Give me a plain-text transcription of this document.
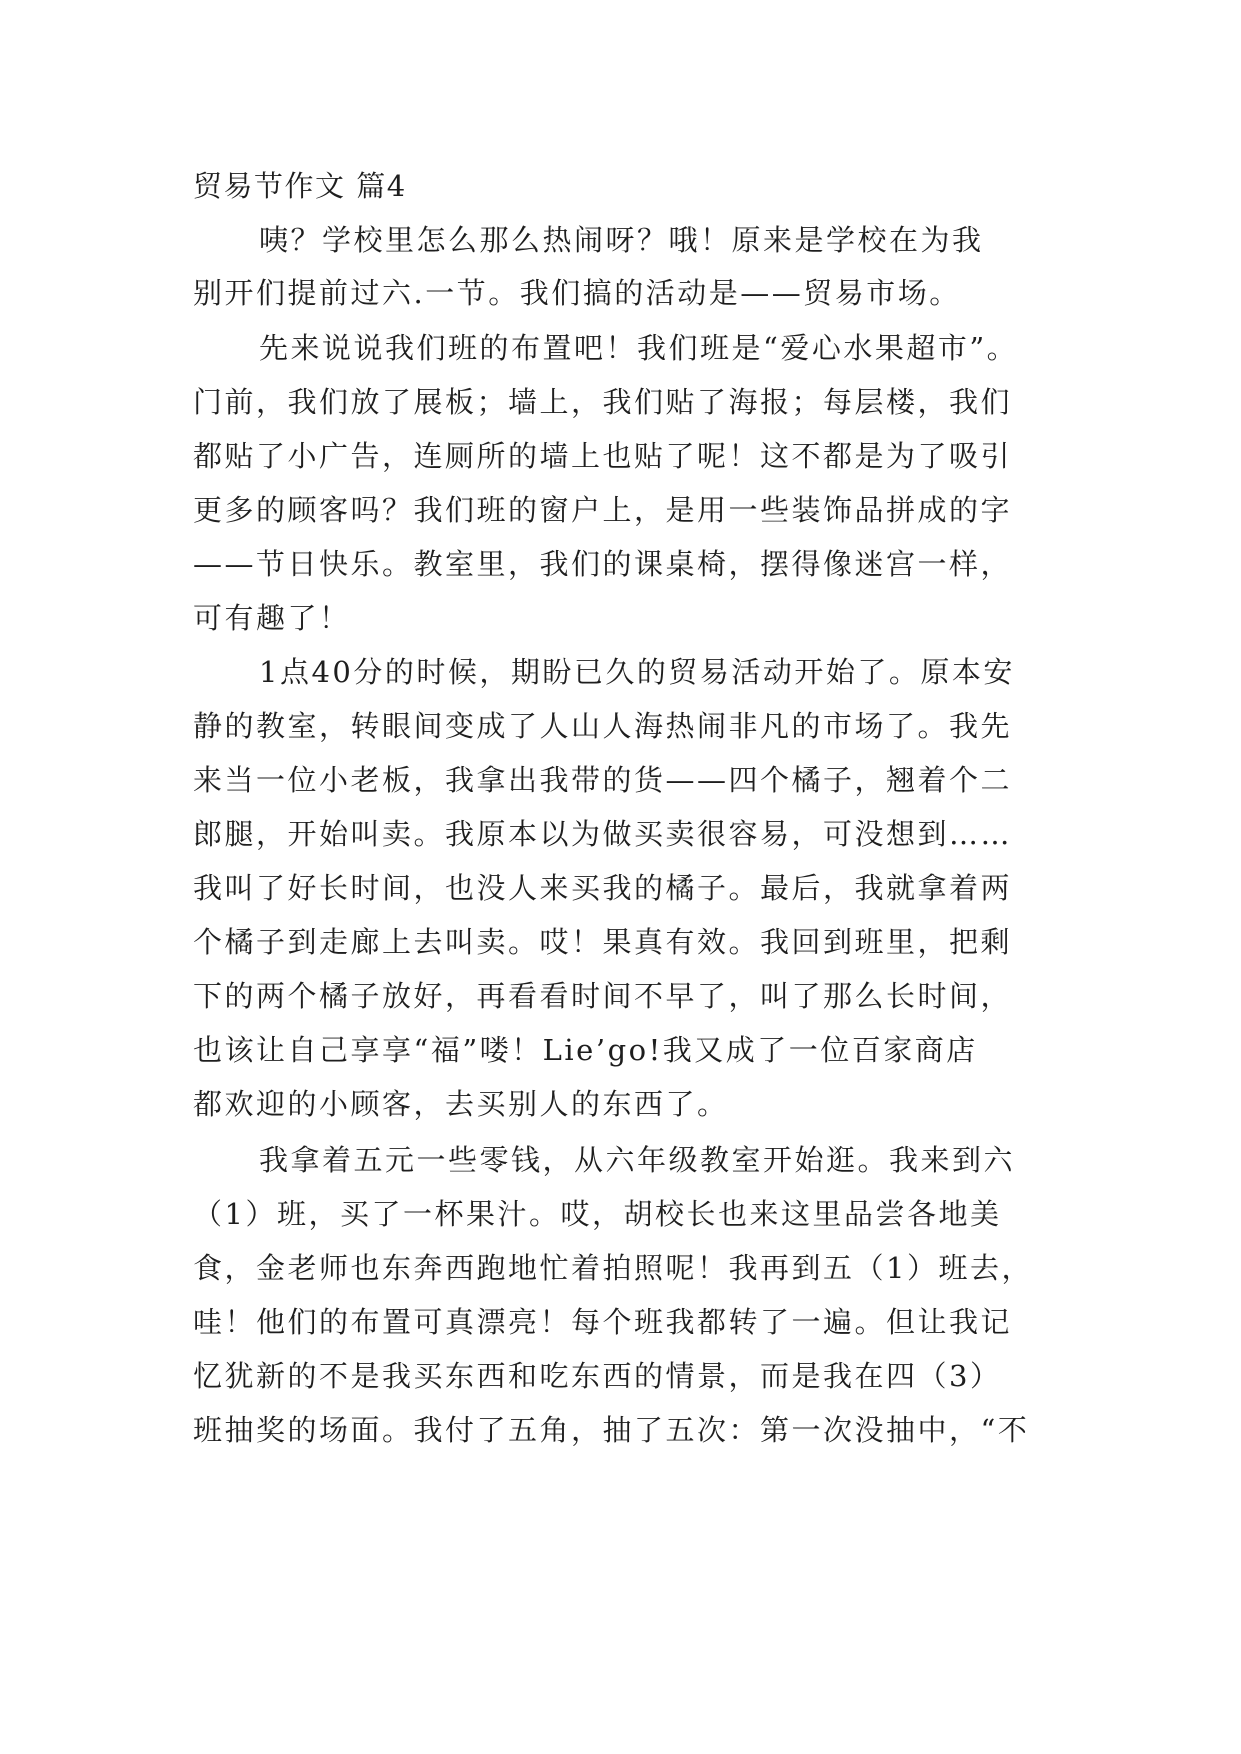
贸易节作文 篇4
咦？学校里怎么那么热闹呀？哦！原来是学校在为我
别开们提前过六.一节。我们搞的活动是——贸易市场。
先来说说我们班的布置吧！我们班是“爱心水果超市”。
门前，我们放了展板；墙上，我们贴了海报；每层楼，我们
都贴了小广告，连厕所的墙上也贴了呢！这不都是为了吸引
更多的顾客吗？我们班的窗户上，是用一些装饰品拼成的字
——节日快乐。教室里，我们的课桌椅，摆得像迷宫一样，
可有趣了！
1点40分的时候，期盼已久的贸易活动开始了。原本安
静的教室，转眼间变成了人山人海热闹非凡的市场了。我先
来当一位小老板，我拿出我带的货——四个橘子，翘着个二
郎腿，开始叫卖。我原本以为做买卖很容易，可没想到……
我叫了好长时间，也没人来买我的橘子。最后，我就拿着两
个橘子到走廊上去叫卖。哎！果真有效。我回到班里，把剩
下的两个橘子放好，再看看时间不早了，叫了那么长时间，
也该让自己享享“福”喽！Lie’go!我又成了一位百家商店
都欢迎的小顾客，去买别人的东西了。
我拿着五元一些零钱，从六年级教室开始逛。我来到六
（1）班，买了一杯果汁。哎，胡校长也来这里品尝各地美
食，金老师也东奔西跑地忙着拍照呢！我再到五（1）班去，
哇！他们的布置可真漂亮！每个班我都转了一遍。但让我记
忆犹新的不是我买东西和吃东西的情景，而是我在四（3）
班抽奖的场面。我付了五角，抽了五次：第一次没抽中，“不
